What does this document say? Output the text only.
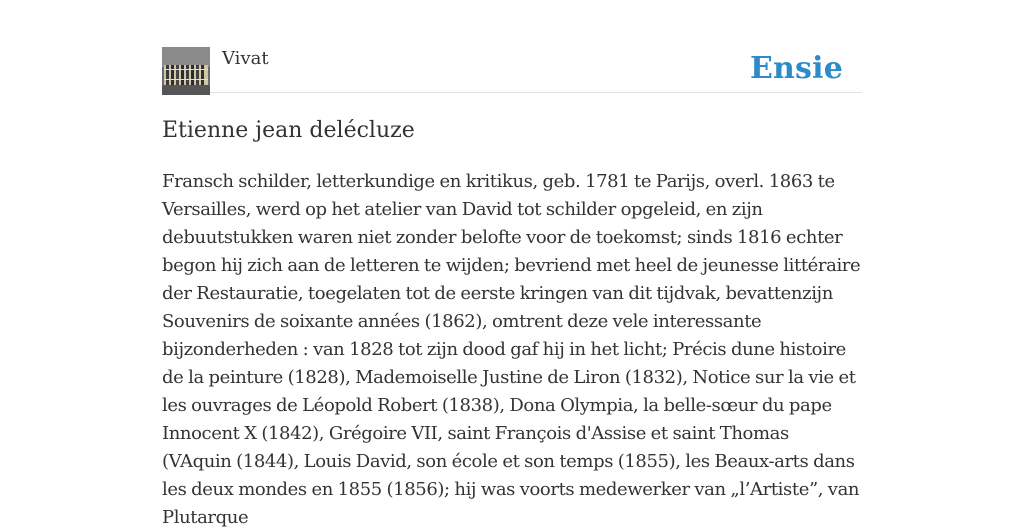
Vivat	Ensie
Etienne jean delécluze

Fransch schilder, letterkundige en kritikus, geb. 1781 te Parijs, overl. 1863 te Versailles, werd op het atelier van David tot schilder opgeleid, en zijn debuutstukken waren niet zonder belofte voor de toekomst; sinds 1816 echter begon hij zich aan de letteren te wijden; bevriend met heel de jeunesse littéraire der Restauratie, toegelaten tot de eerste kringen van dit tijdvak, bevattenzijn Souvenirs de soixante années (1862), omtrent deze vele interessante bijzonderheden : van 1828 tot zijn dood gaf hij in het licht; Précis dune histoire de la peinture (1828), Mademoiselle Justine de Liron (1832), Notice sur la vie et les ouvrages de Léopold Robert (1838), Dona Olympia, la belle-sœur du pape Innocent X (1842), Grégoire VII, saint François d'Assise et saint Thomas (VAquin (1844), Louis David, son école et son temps (1855), les Beaux-arts dans les deux mondes en 1855 (1856); hij was voorts medewerker van „l’Artiste”, van Plutarque
